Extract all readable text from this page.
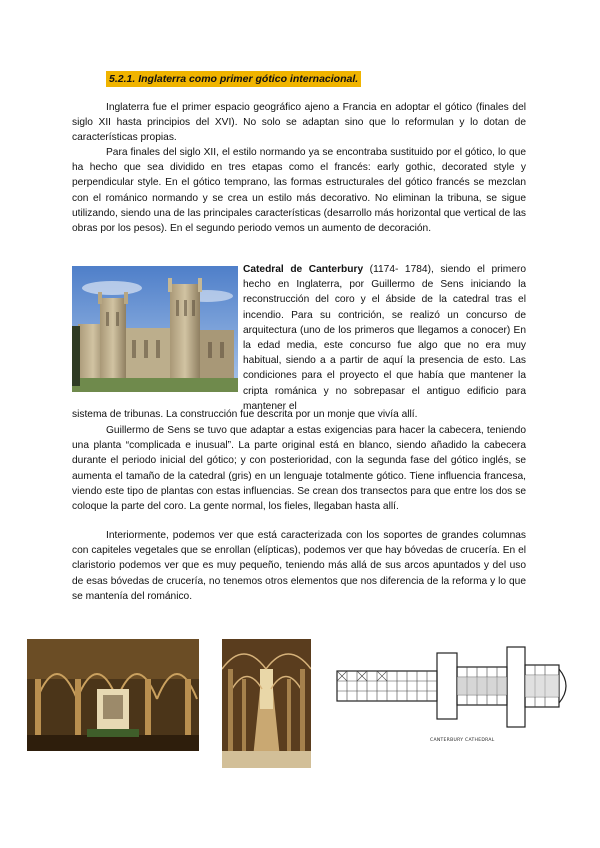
5.2.1. Inglaterra como primer gótico internacional.

Inglaterra fue el primer espacio geográfico ajeno a Francia en adoptar el gótico (finales del siglo XII hasta principios del XVI). No solo se adaptan sino que lo reformulan y lo dotan de características propias.

Para finales del siglo XII, el estilo normando ya se encontraba sustituido por el gótico, lo que ha hecho que sea dividido en tres etapas como el francés: early gothic, decorated style y perpendicular style. En el gótico temprano, las formas estructurales del gótico francés se mezclan con el románico normando y se crea un estilo más decorativo. No eliminan la tribuna, se sigue utilizando, siendo una de las principales características (desarrollo más horizontal que vertical de las obras por los pesos). En el segundo periodo vemos un aumento de decoración.

Catedral de Canterbury (1174- 1784), siendo el primero hecho en Inglaterra, por Guillermo de Sens iniciando la reconstrucción del coro y el ábside de la catedral tras el incendio. Para su contrición, se realizó un concurso de arquitectura (uno de los primeros que llegamos a conocer) En la edad media, este concurso fue algo que no era muy habitual, siendo a a partir de aquí la presencia de esto. Las condiciones para el proyecto el que había que mantener la cripta románica y no sobrepasar el antiguo edificio para mantener el

sistema de tribunas. La construcción fue descrita por un monje que vivía allí.

Guillermo de Sens se tuvo que adaptar a estas exigencias para hacer la cabecera, teniendo una planta “complicada e inusual”. La parte original está en blanco, siendo añadido la cabecera durante el periodo inicial del gótico; y con posterioridad, con la segunda fase del gótico inglés, se aumenta el tamaño de la catedral (gris) en un lenguaje totalmente gótico. Tiene influencia francesa, viendo este tipo de plantas con estas influencias. Se crean dos transectos para que entre los dos se coloque la parte del coro. La gente normal, los fieles, llegaban hasta allí.

Interiormente, podemos ver que está caracterizada con los soportes de grandes columnas con capiteles vegetales que se enrollan (elípticas), podemos ver que hay bóvedas de crucería. En el claristorio podemos ver que es muy pequeño, teniendo más allá de sus arcos apuntados y del uso de esas bóvedas de crucería, no tenemos otros elementos que nos diferencia de la reforma y lo que se mantenía del románico.

CANTERBURY CATHEDRAL
